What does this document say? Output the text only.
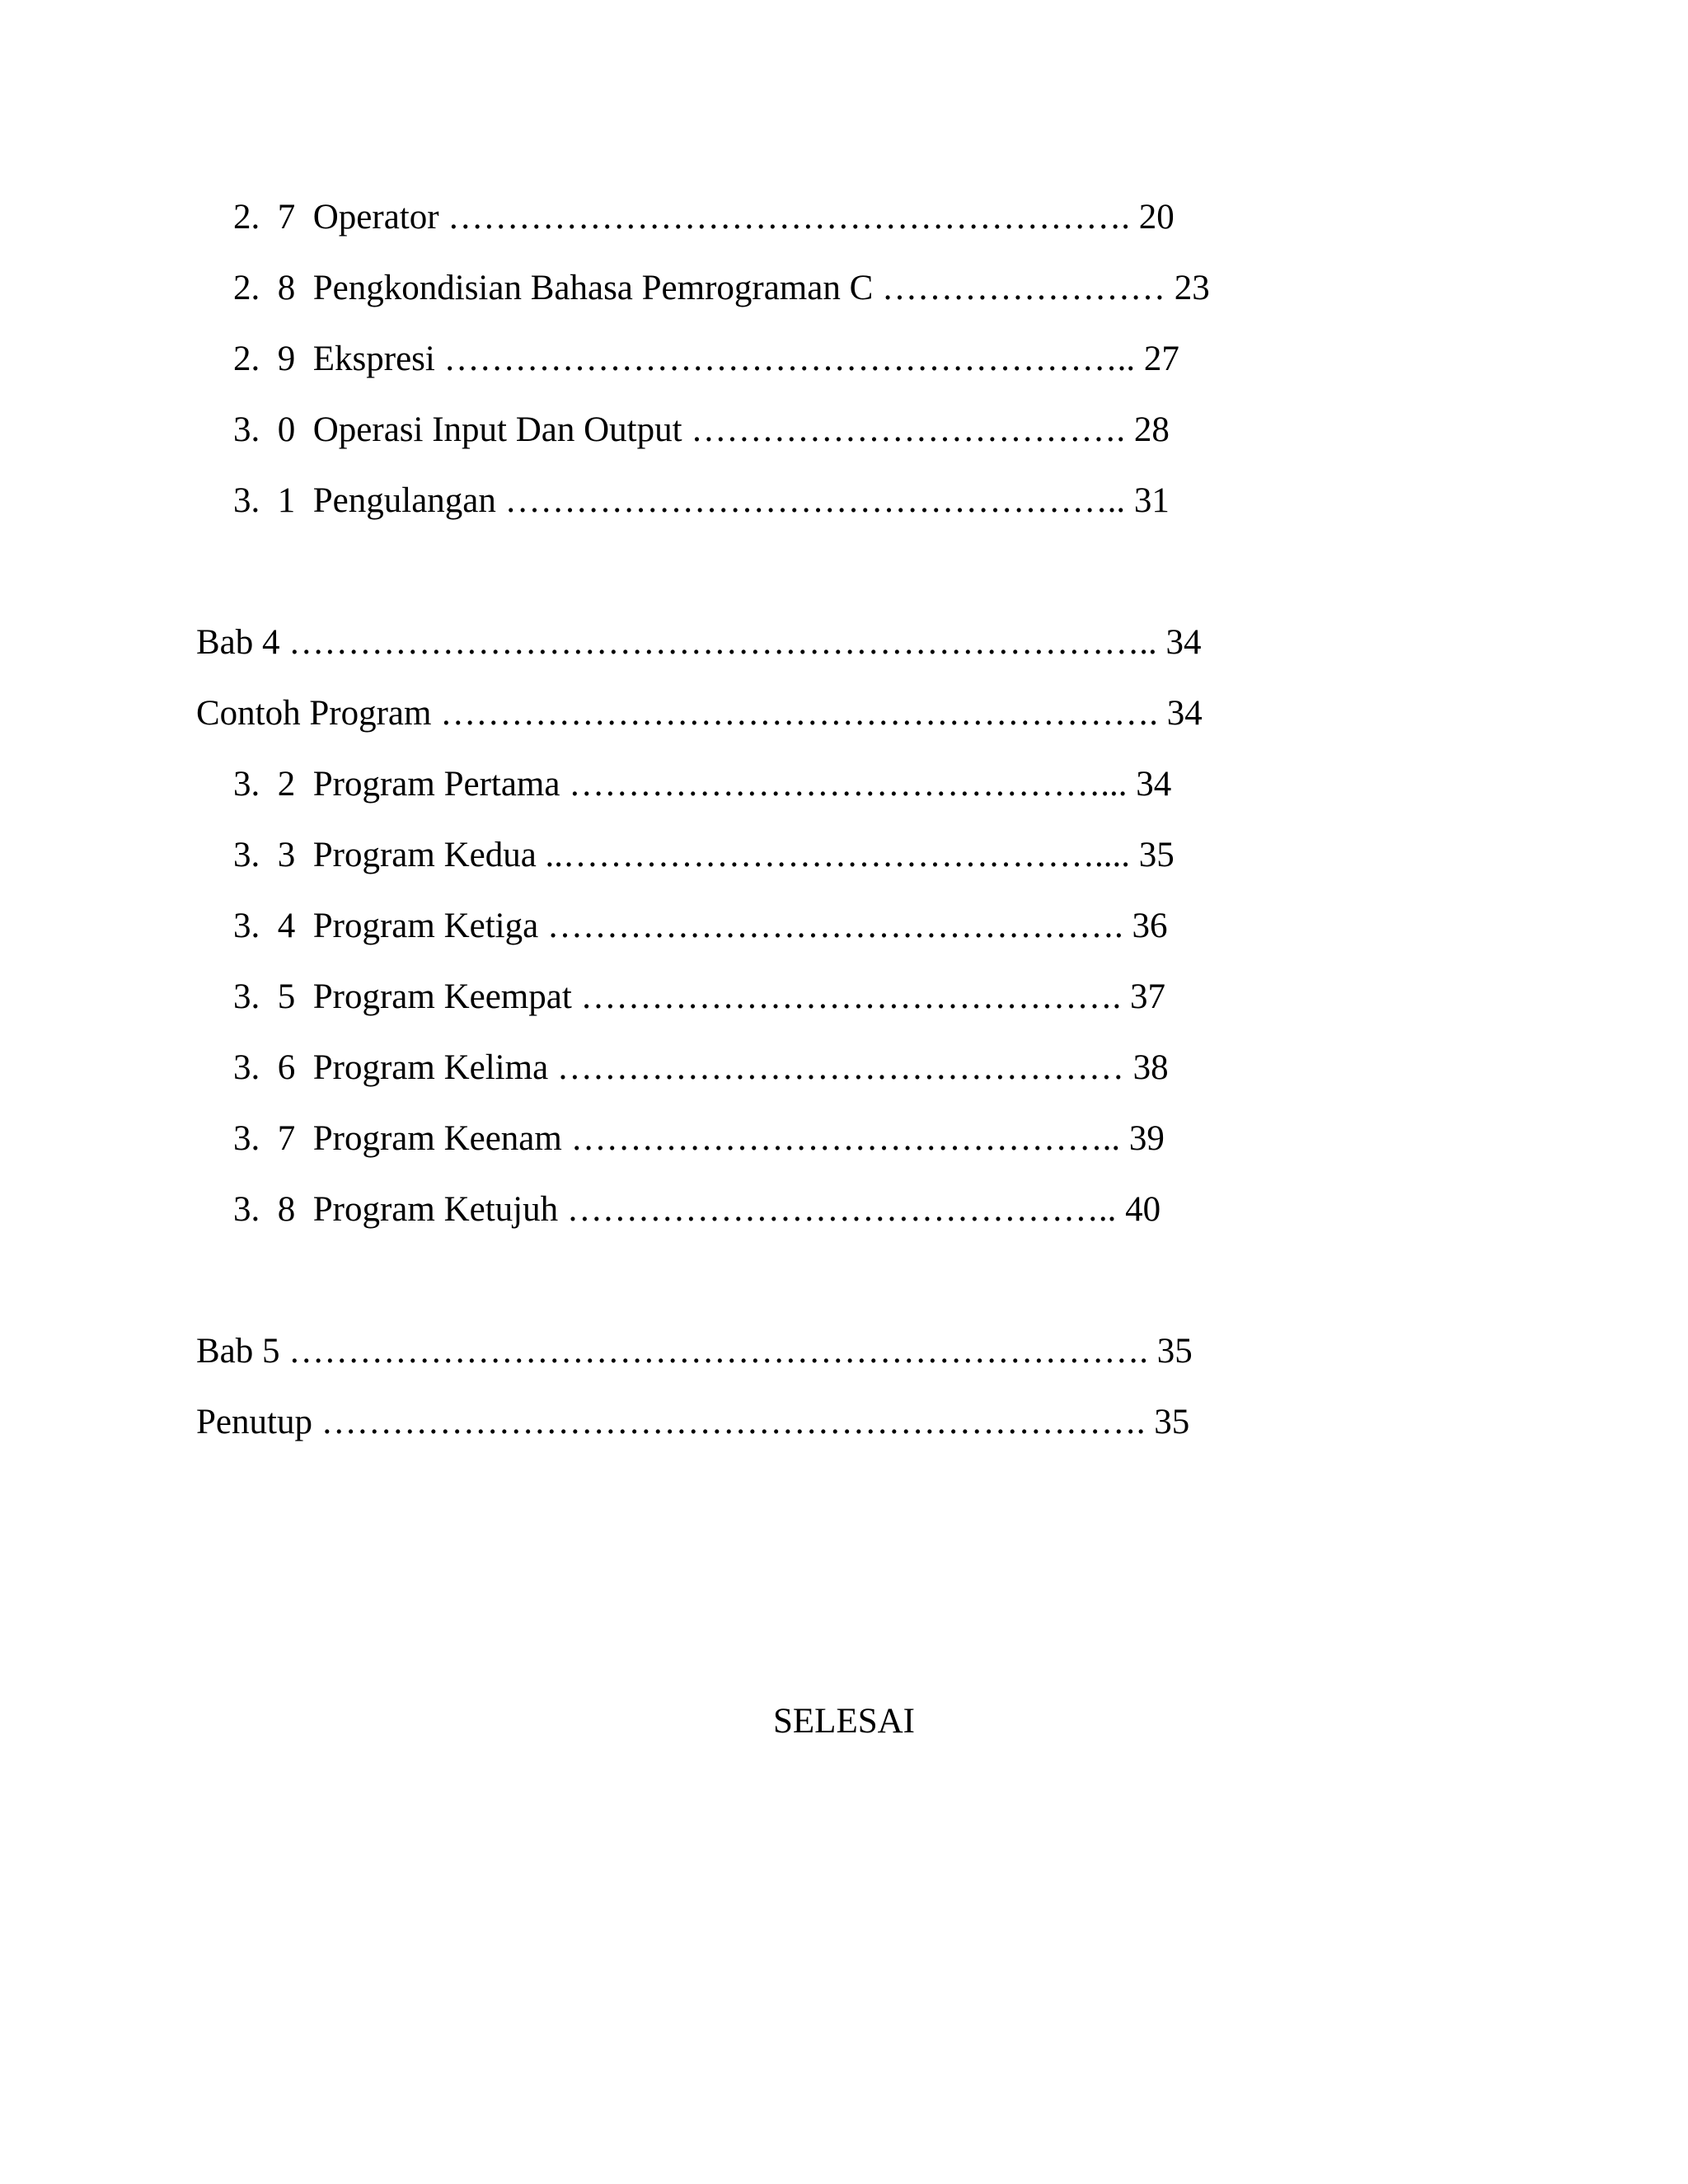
2.  7  Operator …………………………………………………. 20
2.  8  Pengkondisian Bahasa Pemrograman C …………………… 23
2.  9  Ekspresi ………………………………………………….. 27
3.  0  Operasi Input Dan Output ………………………………. 28
3.  1  Pengulangan …………………………………………….. 31
Bab 4 ……………………………………………………………….. 34
Contoh Program ……………………………………………………. 34
3.  2  Program Pertama ………………………………………... 34
3.  3  Program Kedua ..……………………………………….... 35
3.  4  Program Ketiga …………………………………………. 36
3.  5  Program Keempat ………………………………………. 37
3.  6  Program Kelima ………………………………………… 38
3.  7  Program Keenam ……………………………………….. 39
3.  8  Program Ketujuh ……………………………………….. 40
Bab 5 ………………………………………………………………. 35
Penutup ……………………………………………………………. 35
SELESAI
